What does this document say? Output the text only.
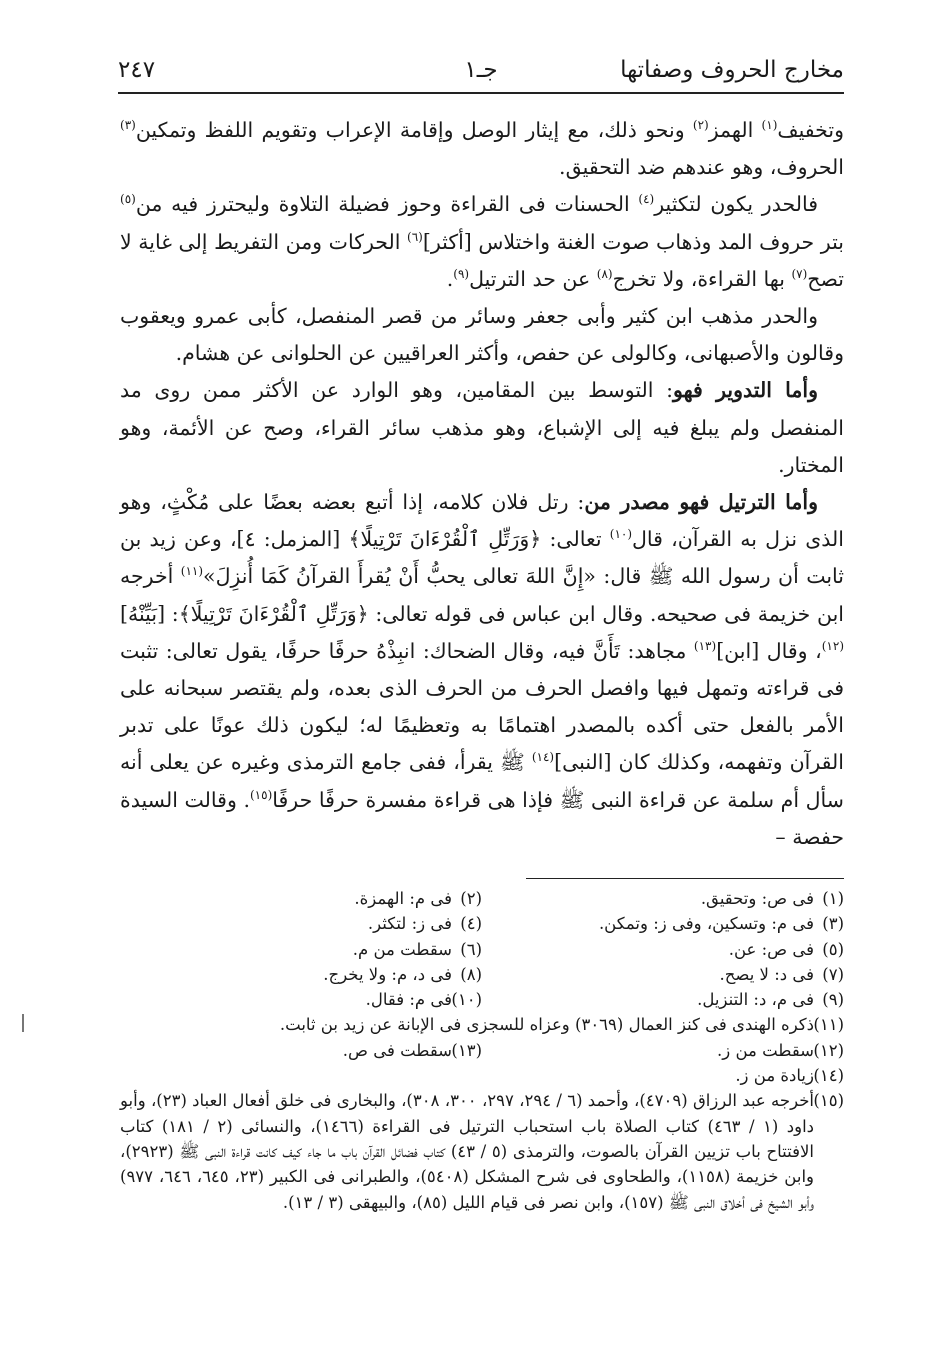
مخارج الحروف وصفاتها
جـ١
٢٤٧

وتخفيف$^{(١)}$ الهمز$^{(٢)}$ ونحو ذلك، مع إيثار الوصل وإقامة الإعراب وتقويم اللفظ وتمكين$^{(٣)}$ الحروف، وهو عندهم ضد التحقيق.

فالحدر يكون لتكثير$^{(٤)}$ الحسنات فى القراءة وحوز فضيلة التلاوة وليحترز فيه من$^{(٥)}$ بتر حروف المد وذهاب صوت الغنة واختلاس [أكثر]$^{(٦)}$ الحركات ومن التفريط إلى غاية لا تصح$^{(٧)}$ بها القراءة، ولا تخرج$^{(٨)}$ عن حد الترتيل$^{(٩)}$.

والحدر مذهب ابن كثير وأبى جعفر وسائر من قصر المنفصل، كأبى عمرو ويعقوب وقالون والأصبهانى، وكالولى عن حفص، وأكثر العراقيين عن الحلوانى عن هشام.

وأما التدوير فهو: التوسط بين المقامين، وهو الوارد عن الأكثر ممن روى مد المنفصل ولم يبلغ فيه إلى الإشباع، وهو مذهب سائر القراء، وصح عن الأئمة، وهو المختار.

وأما الترتيل فهو مصدر من: رتل فلان كلامه، إذا أتبع بعضه بعضًا على مُكْثٍ، وهو الذى نزل به القرآن، قال$^{(١٠)}$ تعالى: ﴿وَرَتِّلِ ٱلْقُرْءَانَ تَرْتِيلًا﴾ [المزمل: ٤]، وعن زيد بن ثابت أن رسول الله ﷺ قال: «إِنَّ اللهَ تعالى يحبُّ أَنْ يُقرأَ القرآنُ كَمَا أُنزِلَ»$^{(١١)}$ أخرجه ابن خزيمة فى صحيحه. وقال ابن عباس فى قوله تعالى: ﴿وَرَتِّلِ ٱلْقُرْءَانَ تَرْتِيلًا﴾: [بَيِّنْهُ]$^{(١٢)}$، وقال [ابن]$^{(١٣)}$ مجاهد: تَأَنَّ فيه، وقال الضحاك: انبِذْهُ حرفًا حرفًا، يقول تعالى: تثبت فى قراءته وتمهل فيها وافصل الحرف من الحرف الذى بعده، ولم يقتصر سبحانه على الأمر بالفعل حتى أكده بالمصدر اهتمامًا به وتعظيمًا له؛ ليكون ذلك عونًا على تدبر القرآن وتفهمه، وكذلك كان [النبى]$^{(١٤)}$ ﷺ يقرأ، ففى جامع الترمذى وغيره عن يعلى أنه سأل أم سلمة عن قراءة النبى ﷺ فإذا هى قراءة مفسرة حرفًا حرفًا$^{(١٥)}$. وقالت السيدة حفصة –

(١)فى ص: وتحقيق.
(٢)فى م: الهمزة.
(٣)فى م: وتسكين، وفى ز: وتمكن.
(٤)فى ز: لتكثر.
(٥)فى ص: عن.
(٦)سقطت من م.
(٧)فى د: لا يصح.
(٨)فى د، م: ولا يخرج.
(٩)فى م، د: التنزيل.
(١٠)فى م: فقال.
(١١)ذكره الهندى فى كنز العمال (٣٠٦٩) وعزاه للسجزى فى الإبانة عن زيد بن ثابت.
(١٢)سقطت من ز.
(١٣)سقطت فى ص.
(١٤)زيادة من ز.
(١٥)أخرجه عبد الرزاق (٤٧٠٩)، وأحمد (٦ / ٢٩٤، ٢٩٧، ٣٠٠، ٣٠٨)، والبخارى فى خلق أفعال العباد (٢٣)، وأبو داود (١ / ٤٦٣) كتاب الصلاة باب استحباب الترتيل فى القراءة (١٤٦٦)، والنسائى (٢ / ١٨١) كتاب الافتتاح باب تزيين القرآن بالصوت، والترمذى (٥ / ٤٣) كتاب فضائل القرآن باب ما جاء كيف كانت قراءة النبى ﷺ (٢٩٢٣)، وابن خزيمة (١١٥٨)، والطحاوى فى شرح المشكل (٥٤٠٨)، والطبرانى فى الكبير (٢٣، ٦٤٥، ٦٤٦، ٩٧٧) وأبو الشيخ فى أخلاق النبى ﷺ (١٥٧)، وابن نصر فى قيام الليل (٨٥)، والبيهقى (٣ / ١٣).
